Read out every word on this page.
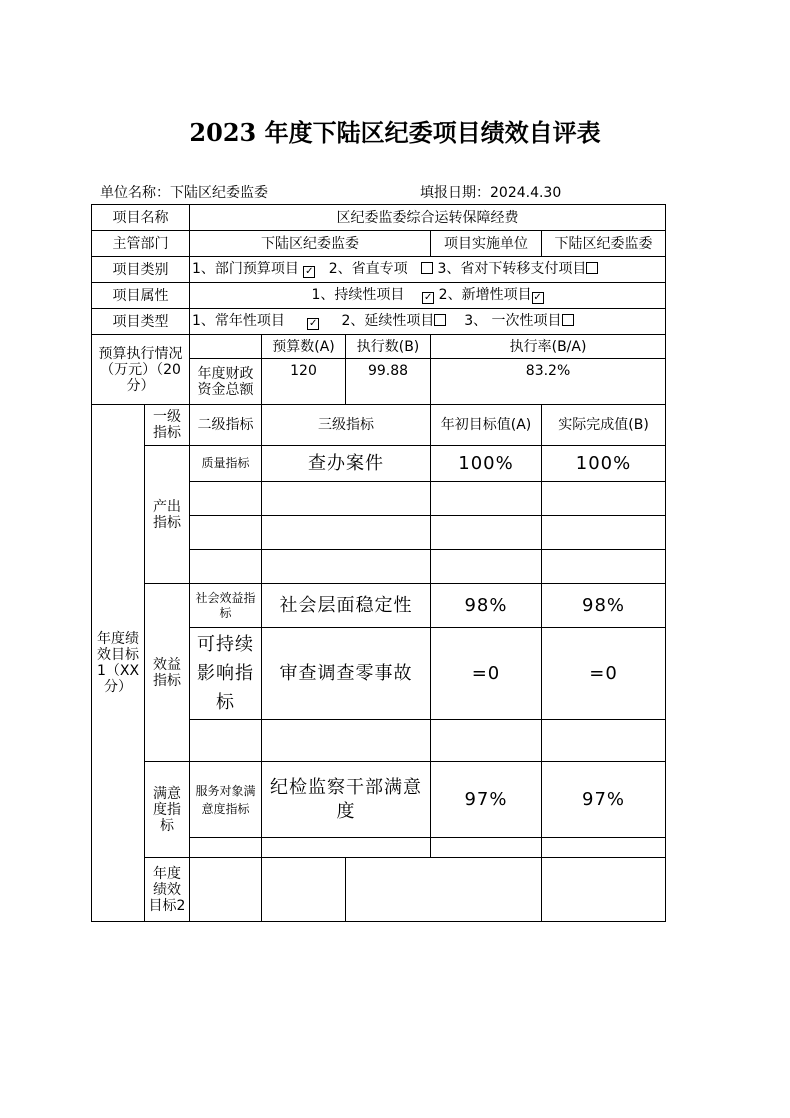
2023 年度下陆区纪委项目绩效自评表
单位名称：下陆区纪委监委	填报日期：2024.4.30
项目名称		区纪委监委综合运转保障经费					
主管部门		下陆区纪委监委			项目实施单位	下陆区纪委监委	
项目类别		1、部门预算项目 ✓ 2、省直专项 3、省对下转移支付项目					
项目属性		1、持续性项目 ✓ 2、新增性项目 ✓					
项目类型		1、常年性项目 ✓ 2、延续性项目 3、 一次性项目					
预算执行情况（万元）（20分）			预算数(A)	执行数(B)	执行率(B/A)		
		年度财政资金总额	120	99.88	83.2%		
年度绩效目标1（XX分）	一级指标	二级指标	三级指标		年初目标值(A)	实际完成值(B)	
	产出指标	质量指标	查办案件		100%	100%	

	效益指标	社会效益指标	社会层面稳定性		98%	98%	
		可持续影响指标	审查调查零事故		=0	=0	

	满意度指标	服务对象满意度指标	纪检监察干部满意度		97%	97%	

	年度绩效目标2						
